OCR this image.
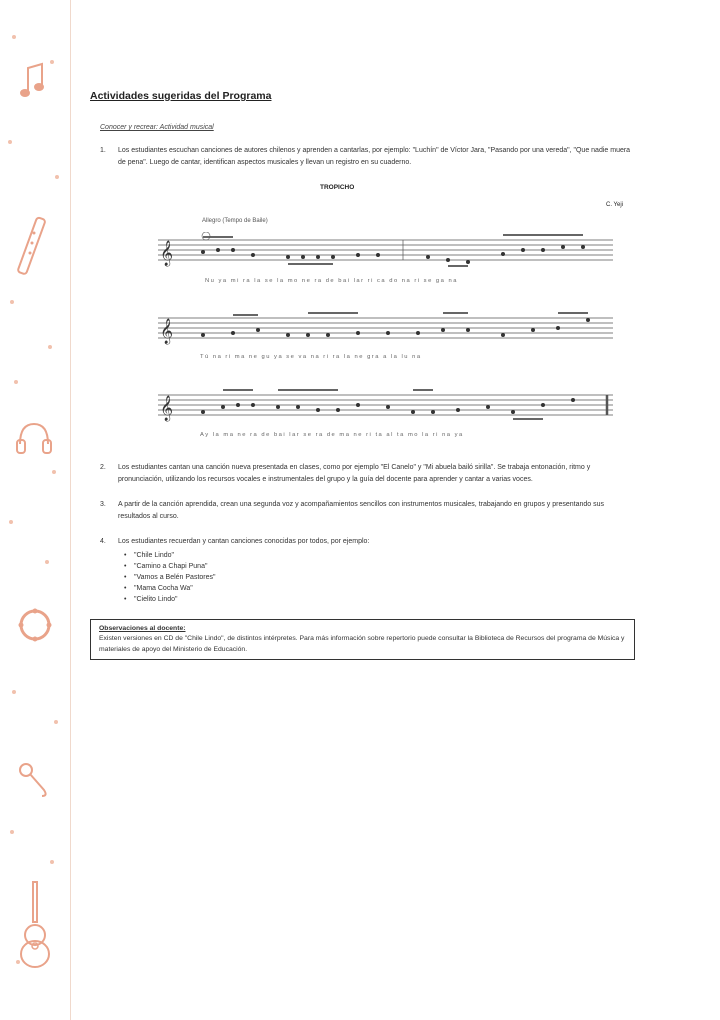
Actividades sugeridas del Programa
Conocer y recrear: Actividad musical
1. Los estudiantes escuchan canciones de autores chilenos y aprenden a cantarlas, por ejemplo: "Luchín" de Víctor Jara, "Pasando por una vereda", "Que nadie muera de pena". Luego de cantar, identifican aspectos musicales y llevan un registro en su cuaderno.
TROPICHO
C. Yeji
Allegro (Tempo de Baile)
𝄞
Nu ya mi ra la se la mo ne ra de bai lar ri ca do na ri se ga na
𝄞
Tú na ri ma ne gu ya se va na ri ra la ne gra a la lu na
𝄞
Ay la ma ne ra de bai lar se ra de ma ne ri ta al ta mo la ri na ya
2. Los estudiantes cantan una canción nueva presentada en clases, como por ejemplo "El Canelo" y "Mi abuela bailó sirilla". Se trabaja entonación, ritmo y pronunciación, utilizando los recursos vocales e instrumentales del grupo y la guía del docente para aprender y cantar a varias voces.
3. A partir de la canción aprendida, crean una segunda voz y acompañamientos sencillos con instrumentos musicales, trabajando en grupos y presentando sus resultados al curso.
4. Los estudiantes recuerdan y cantan canciones conocidas por todos, por ejemplo:
• "Chile Lindo"
• "Camino a Chapi Puna"
• "Vamos a Belén Pastores"
• "Mama Cocha Wa"
• "Cielito Lindo"
Observaciones al docente:
Existen versiones en CD de "Chile Lindo", de distintos intérpretes. Para más información sobre repertorio puede consultar la Biblioteca de Recursos del programa de Música y materiales de apoyo del Ministerio de Educación.
